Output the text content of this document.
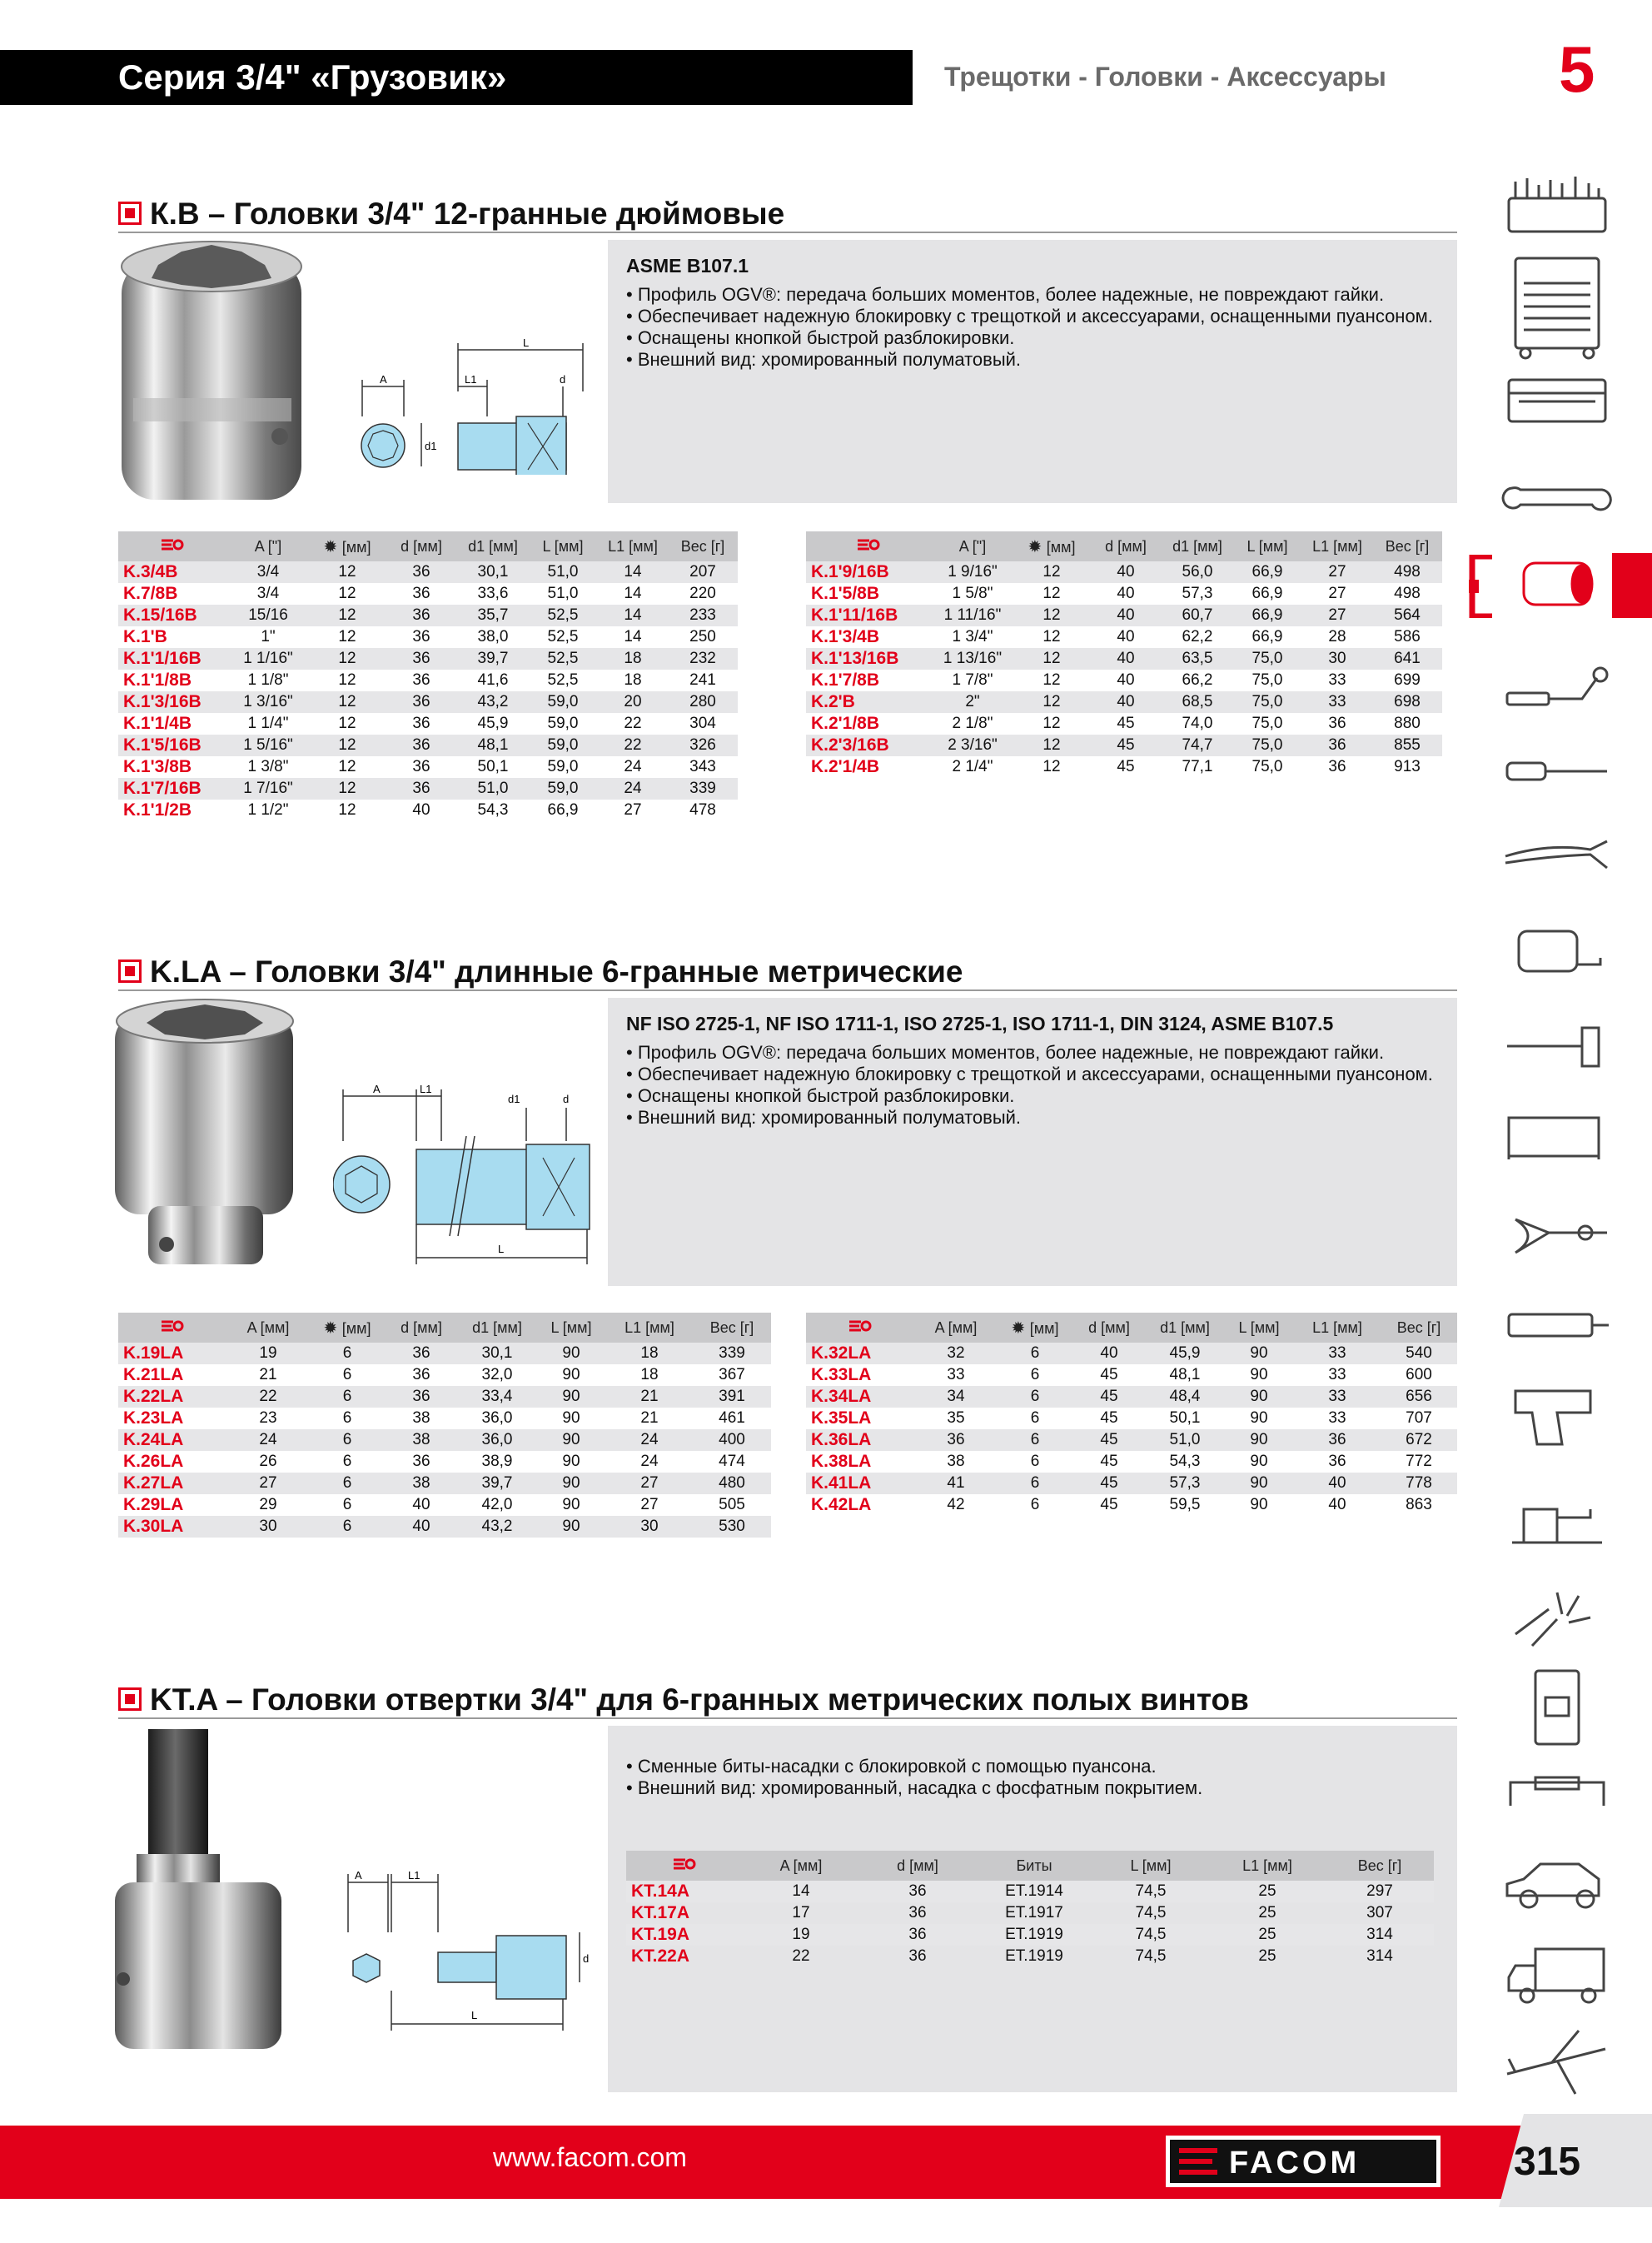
Серия 3/4" «Грузовик»	Трещотки - Головки - Аксессуары	5
К.В – Головки 3/4" 12-гранные дюймовые
L
A	L1	d
d1
ASME B107.1
• Профиль OGV®: передача больших моментов, более надежные, не повреждают гайки.
• Обеспечивает надежную блокировку с трещоткой и аксессуарами, оснащенными пуансоном.
• Оснащены кнопкой быстрой разблокировки.
• Внешний вид: хромированный полуматовый.
	A ["]	✹ [мм]	d [мм]	d1 [мм]	L [мм]	L1 [мм]	Вес [г]	
K.3/4B	3/4	12	36	30,1	51,0	14	207
K.7/8B	3/4	12	36	33,6	51,0	14	220
K.15/16B	15/16	12	36	35,7	52,5	14	233
K.1'B	1"	12	36	38,0	52,5	14	250
K.1'1/16B	1 1/16"	12	36	39,7	52,5	18	232
K.1'1/8B	1 1/8"	12	36	41,6	52,5	18	241
K.1'3/16B	1 3/16"	12	36	43,2	59,0	20	280
K.1'1/4B	1 1/4"	12	36	45,9	59,0	22	304
K.1'5/16B	1 5/16"	12	36	48,1	59,0	22	326
K.1'3/8B	1 3/8"	12	36	50,1	59,0	24	343
K.1'7/16B	1 7/16"	12	36	51,0	59,0	24	339
K.1'1/2B	1 1/2"	12	40	54,3	66,9	27	478
	A ["]	✹ [мм]	d [мм]	d1 [мм]	L [мм]	L1 [мм]	Вес [г]	
K.1'9/16B	1 9/16"	12	40	56,0	66,9	27	498
K.1'5/8B	1 5/8"	12	40	57,3	66,9	27	498
K.1'11/16B	1 11/16"	12	40	60,7	66,9	27	564
K.1'3/4B	1 3/4"	12	40	62,2	66,9	28	586
K.1'13/16B	1 13/16"	12	40	63,5	75,0	30	641
K.1'7/8B	1 7/8"	12	40	66,2	75,0	33	699
K.2'B	2"	12	40	68,5	75,0	33	698
K.2'1/8B	2 1/8"	12	45	74,0	75,0	36	880
K.2'3/16B	2 3/16"	12	45	74,7	75,0	36	855
K.2'1/4B	2 1/4"	12	45	77,1	75,0	36	913
K.LA – Головки 3/4" длинные 6-гранные метрические
A	L1
d1	d
L
NF ISO 2725-1, NF ISO 1711-1, ISO 2725-1, ISO 1711-1, DIN 3124, ASME B107.5
• Профиль OGV®: передача больших моментов, более надежные, не повреждают гайки.
• Обеспечивает надежную блокировку с трещоткой и аксессуарами, оснащенными пуансоном.
• Оснащены кнопкой быстрой разблокировки.
• Внешний вид: хромированный полуматовый.
	A [мм]	✹ [мм]	d [мм]	d1 [мм]	L [мм]	L1 [мм]	Вес [г]	
K.19LA	19	6	36	30,1	90	18	339
K.21LA	21	6	36	32,0	90	18	367
K.22LA	22	6	36	33,4	90	21	391
K.23LA	23	6	38	36,0	90	21	461
K.24LA	24	6	38	36,0	90	24	400
K.26LA	26	6	36	38,9	90	24	474
K.27LA	27	6	38	39,7	90	27	480
K.29LA	29	6	40	42,0	90	27	505
K.30LA	30	6	40	43,2	90	30	530
	A [мм]	✹ [мм]	d [мм]	d1 [мм]	L [мм]	L1 [мм]	Вес [г]	
K.32LA	32	6	40	45,9	90	33	540
K.33LA	33	6	45	48,1	90	33	600
K.34LA	34	6	45	48,4	90	33	656
K.35LA	35	6	45	50,1	90	33	707
K.36LA	36	6	45	51,0	90	36	672
K.38LA	38	6	45	54,3	90	36	772
K.41LA	41	6	45	57,3	90	40	778
K.42LA	42	6	45	59,5	90	40	863
KT.A – Головки отвертки 3/4" для 6-гранных метрических полых винтов
A	L1
d
L
• Сменные биты-насадки с блокировкой с помощью пуансона.
• Внешний вид: хромированный, насадка с фосфатным покрытием.
	A [мм]	d [мм]	Биты	L [мм]	L1 [мм]	Вес [г]
KT.14A	14	36	ET.1914	74,5	25	297
KT.17A	17	36	ET.1917	74,5	25	307
KT.19A	19	36	ET.1919	74,5	25	314
KT.22A	22	36	ET.1919	74,5	25	314
www.facom.com	FACOM	315
